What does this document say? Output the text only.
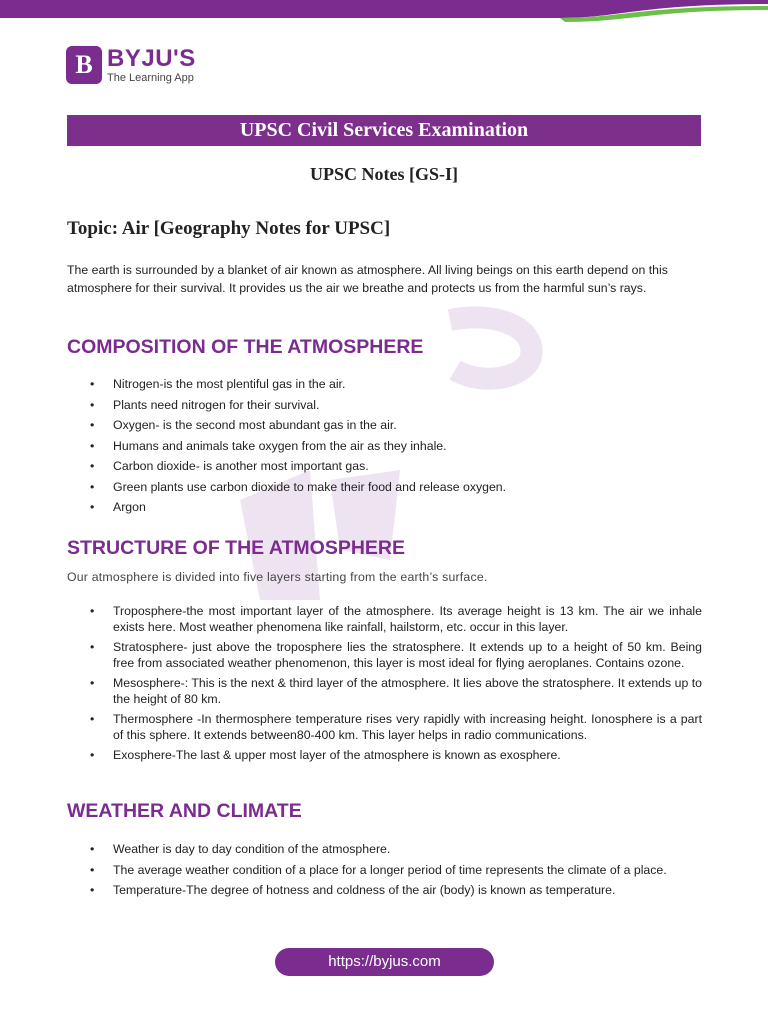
B BYJU'S
The Learning App
UPSC Civil Services Examination
UPSC Notes [GS-I]
Topic: Air [Geography Notes for UPSC]
The earth is surrounded by a blanket of air known as atmosphere. All living beings on this earth depend on this atmosphere for their survival. It provides us the air we breathe and protects us from the harmful sun’s rays.
COMPOSITION OF THE ATMOSPHERE
• Nitrogen-is the most plentiful gas in the air.
• Plants need nitrogen for their survival.
• Oxygen- is the second most abundant gas in the air.
• Humans and animals take oxygen from the air as they inhale.
• Carbon dioxide- is another most important gas.
• Green plants use carbon dioxide to make their food and release oxygen.
• Argon
STRUCTURE OF THE ATMOSPHERE
Our atmosphere is divided into five layers starting from the earth’s surface.
• Troposphere-the most important layer of the atmosphere. Its average height is 13 km. The air we inhale exists here. Most weather phenomena like rainfall, hailstorm, etc. occur in this layer.
• Stratosphere- just above the troposphere lies the stratosphere. It extends up to a height of 50 km. Being free from associated weather phenomenon, this layer is most ideal for flying aeroplanes. Contains ozone.
• Mesosphere-: This is the next & third layer of the atmosphere. It lies above the stratosphere. It extends up to the height of 80 km.
• Thermosphere -In thermosphere temperature rises very rapidly with increasing height. Ionosphere is a part of this sphere. It extends between80-400 km. This layer helps in radio communications.
• Exosphere-The last & upper most layer of the atmosphere is known as exosphere.
WEATHER AND CLIMATE
• Weather is day to day condition of the atmosphere.
• The average weather condition of a place for a longer period of time represents the climate of a place.
• Temperature-The degree of hotness and coldness of the air (body) is known as temperature.
https://byjus.com
